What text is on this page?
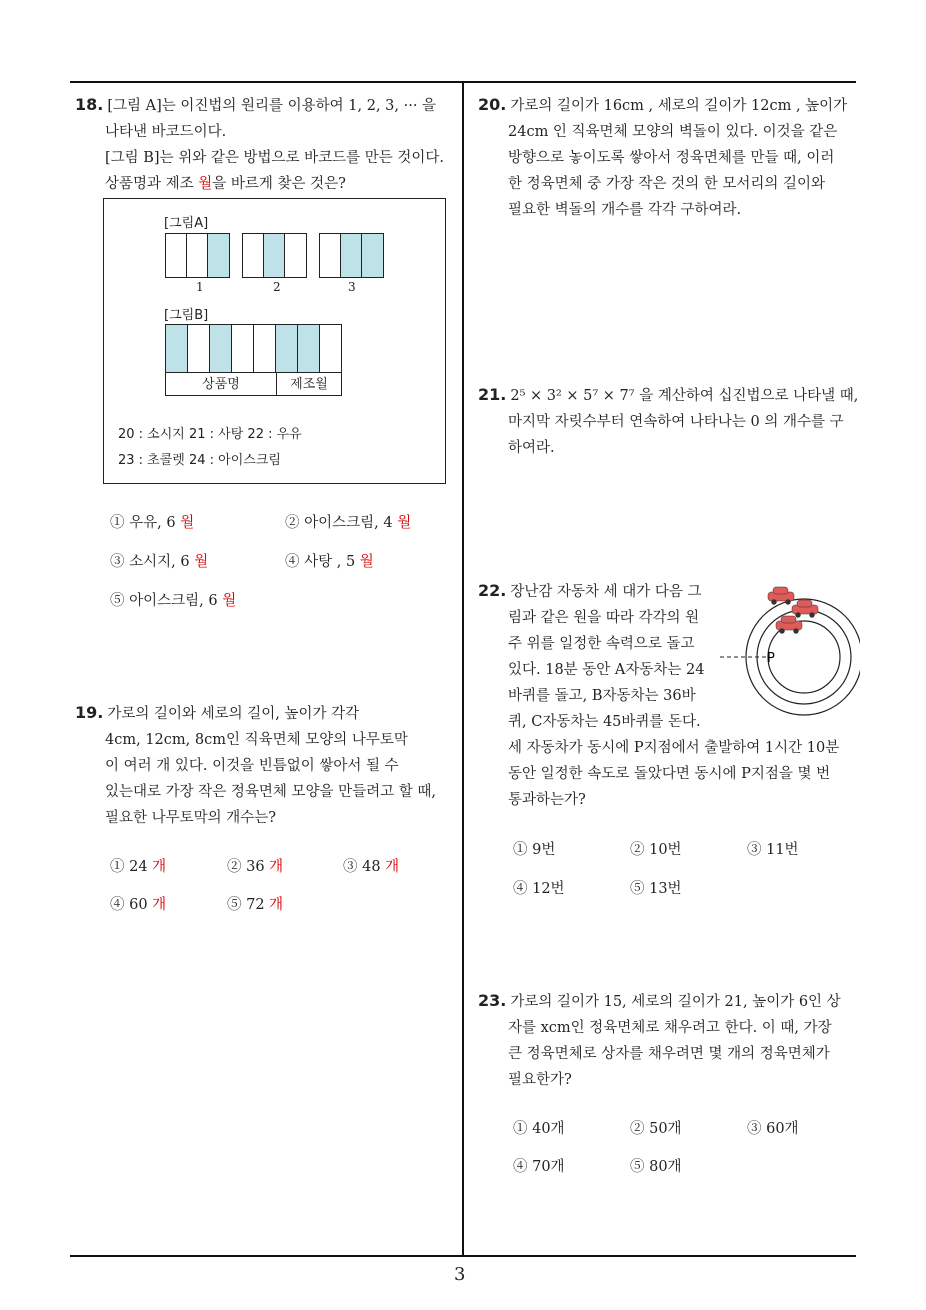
3
18. [그림 A]는 이진법의 원리를 이용하여 1, 2, 3, ··· 을
나타낸 바코드이다.
[그림 B]는 위와 같은 방법으로 바코드를 만든 것이다.
상품명과 제조 월을 바르게 찾은 것은?
[그림A]
1	2	3
[그림B]
상품명	제조월
20 : 소시지 21 : 사탕 22 : 우유
23 : 초콜렛 24 : 아이스크림
① 우유, 6 월	② 아이스크림, 4 월
③ 소시지, 6 월	④ 사탕 , 5 월
⑤ 아이스크림, 6 월
19. 가로의 길이와 세로의 길이, 높이가 각각
4cm, 12cm, 8cm인 직육면체 모양의 나무토막
이 여러 개 있다. 이것을 빈틈없이 쌓아서 될 수
있는대로 가장 작은 정육면체 모양을 만들려고 할 때,
필요한 나무토막의 개수는?
① 24 개	② 36 개	③ 48 개
④ 60 개	⑤ 72 개
20. 가로의 길이가 16cm , 세로의 길이가 12cm , 높이가
24cm 인 직육면체 모양의 벽돌이 있다. 이것을 같은
방향으로 놓이도록 쌓아서 정육면체를 만들 때, 이러
한 정육면체 중 가장 작은 것의 한 모서리의 길이와
필요한 벽돌의 개수를 각각 구하여라.
21. 2⁵ × 3² × 5⁷ × 7⁷ 을 계산하여 십진법으로 나타낼 때,
마지막 자릿수부터 연속하여 나타나는 0 의 개수를 구
하여라.
22. 장난감 자동차 세 대가 다음 그
림과 같은 원을 따라 각각의 원
주 위를 일정한 속력으로 돌고
있다. 18분 동안 A자동차는 24
바퀴를 돌고, B자동차는 36바
퀴, C자동차는 45바퀴를 돈다.
세 자동차가 동시에 P지점에서 출발하여 1시간 10분
동안 일정한 속도로 돌았다면 동시에 P지점을 몇 번
통과하는가?
P
① 9번	② 10번	③ 11번
④ 12번	⑤ 13번
23. 가로의 길이가 15, 세로의 길이가 21, 높이가 6인 상
자를 xcm인 정육면체로 채우려고 한다. 이 때, 가장
큰 정육면체로 상자를 채우려면 몇 개의 정육면체가
필요한가?
① 40개	② 50개	③ 60개
④ 70개	⑤ 80개
